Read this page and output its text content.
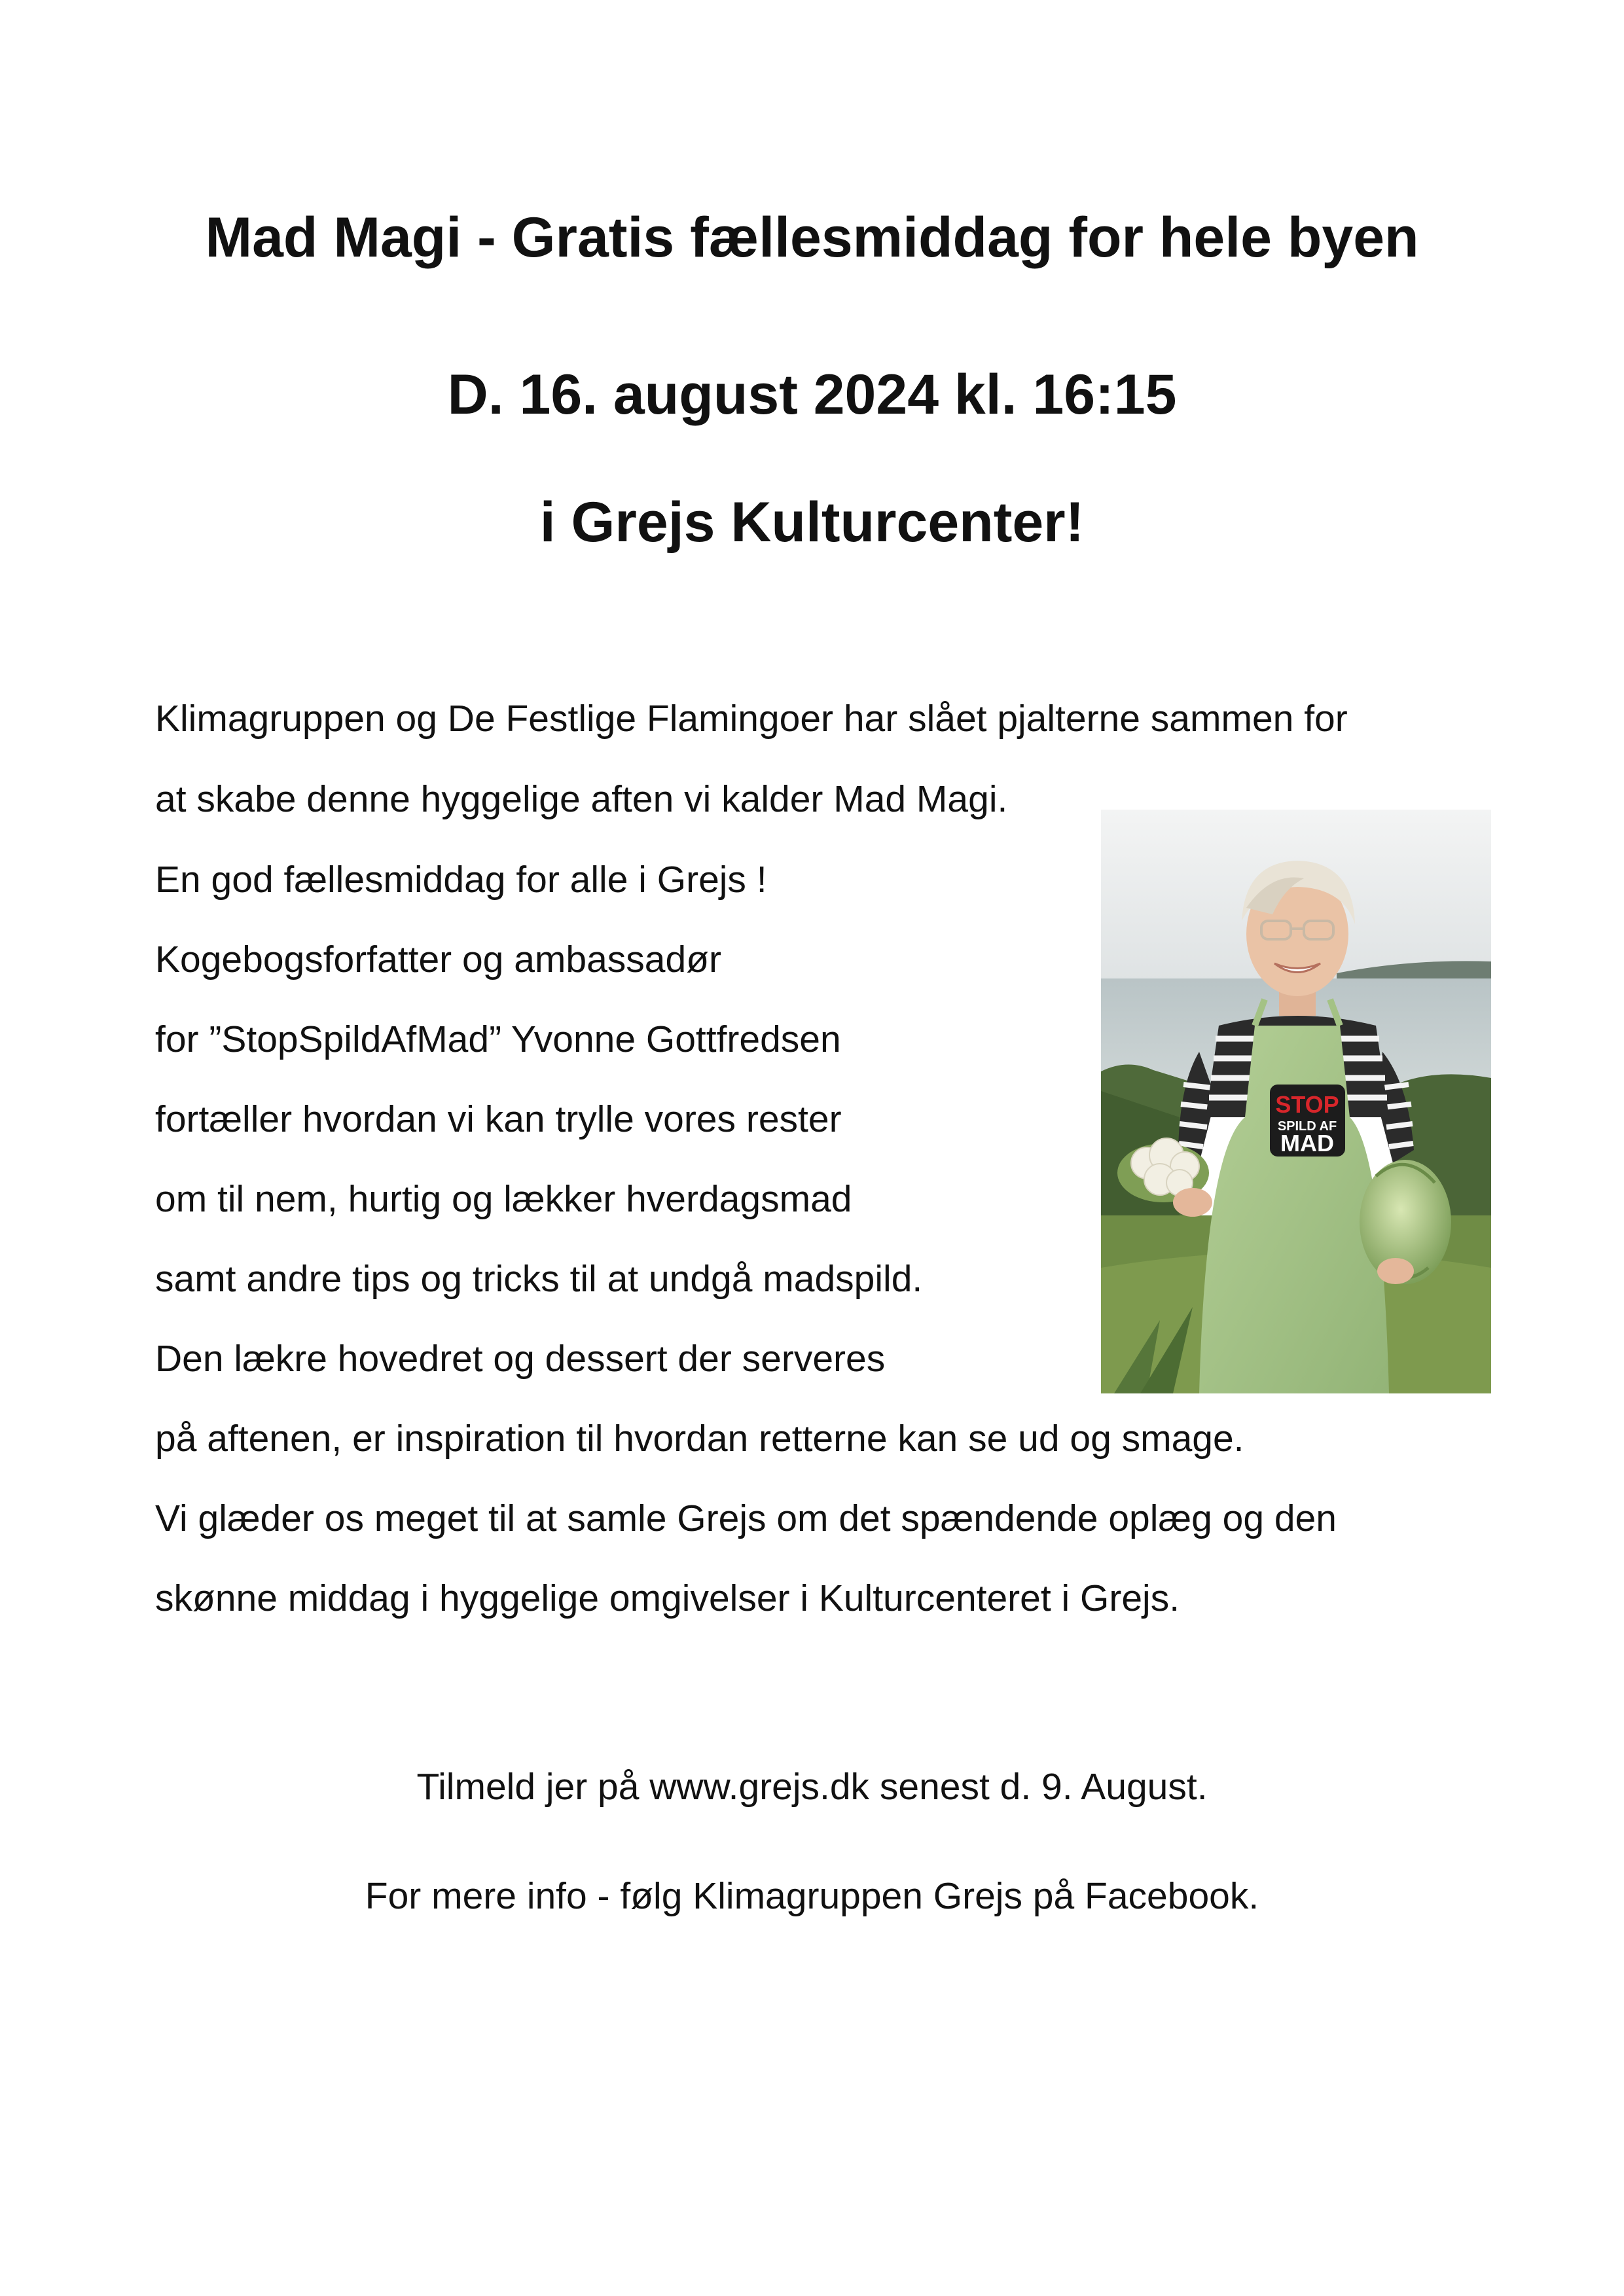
Mad Magi - Gratis fællesmiddag for hele byen
D. 16. august 2024 kl. 16:15
i Grejs Kulturcenter!
Klimagruppen og De Festlige Flamingoer har slået pjalterne sammen for
at skabe denne hyggelige aften vi kalder Mad Magi.
En god fællesmiddag for alle i Grejs !
Kogebogsforfatter og ambassadør
for ”StopSpildAfMad” Yvonne Gottfredsen
fortæller hvordan vi kan trylle vores rester
om til nem, hurtig og lækker hverdagsmad
samt andre tips og tricks til at undgå madspild.
Den lækre hovedret og dessert der serveres
på aftenen, er inspiration til hvordan retterne kan se ud og smage.
Vi glæder os meget til at samle Grejs om det spændende oplæg og den
skønne middag i hyggelige omgivelser i Kulturcenteret i Grejs.
STOP
SPILD AF
MAD
Tilmeld jer på www.grejs.dk senest d. 9. August.
For mere info - følg Klimagruppen Grejs på Facebook.
